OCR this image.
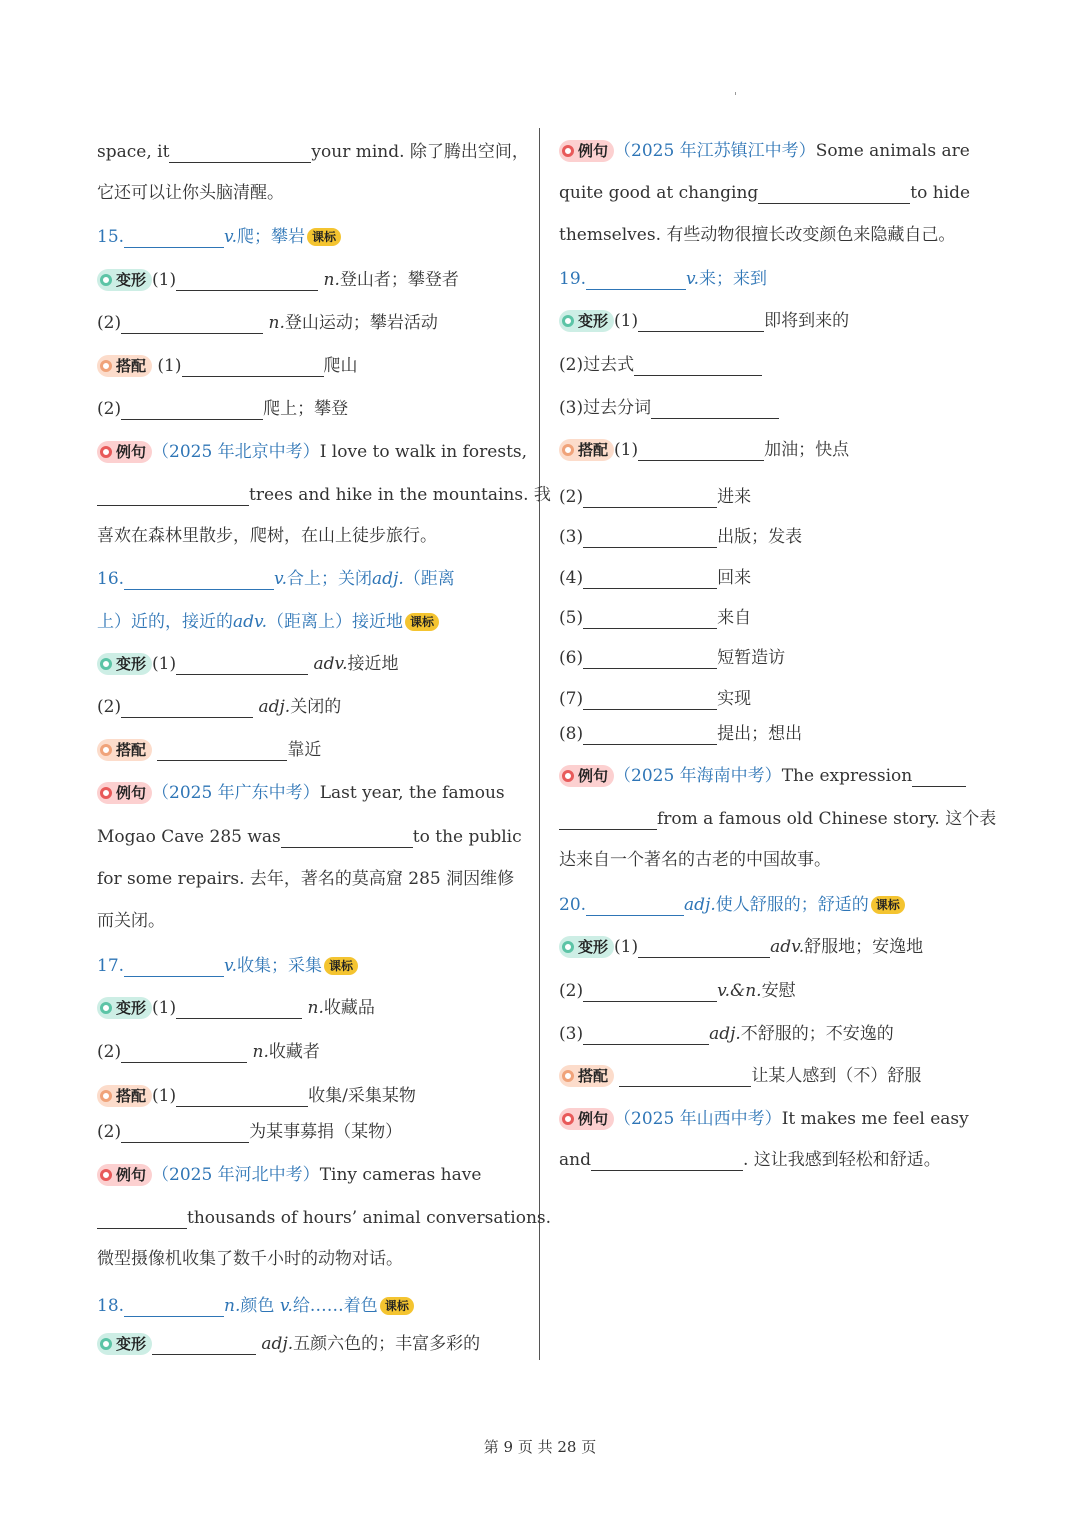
space, it	your mind. 除了腾出空间，
它还可以让你头脑清醒。
15.	v.爬；攀岩 课标
变形 (1)	n.登山者；攀登者
(2)	n.登山运动；攀岩活动
搭配 (1)	爬山
(2)	爬上；攀登
例句 （2025 年北京中考）I love to walk in forests,
trees and hike in the mountains. 我
喜欢在森林里散步，爬树，在山上徒步旅行。
16.	v.合上；关闭adj.（距离
上）近的，接近的adv.（距离上）接近地 课标
变形 (1)	adv.接近地
(2)	adj.关闭的
搭配	靠近
例句 （2025 年广东中考）Last year, the famous
Mogao Cave 285 was	to the public
for some repairs. 去年，著名的莫高窟 285 洞因维修
而关闭。
17.	v.收集；采集 课标
变形 (1)	n.收藏品
(2)	n.收藏者
搭配 (1)	收集/采集某物
(2)	为某事募捐（某物）
例句 （2025 年河北中考）Tiny cameras have
thousands of hours’ animal conversations.
微型摄像机收集了数千小时的动物对话。
18.	n.颜色 v.给……着色 课标
变形	adj.五颜六色的；丰富多彩的
例句 （2025 年江苏镇江中考）Some animals are
quite good at changing	to hide
themselves. 有些动物很擅长改变颜色来隐藏自己。
19.	v.来；来到
变形 (1)	即将到来的
(2)过去式
(3)过去分词
搭配 (1)	加油；快点
(2)	进来
(3)	出版；发表
(4)	回来
(5)	来自
(6)	短暂造访
(7)	实现
(8)	提出；想出
例句 （2025 年海南中考）The expression
from a famous old Chinese story. 这个表
达来自一个著名的古老的中国故事。
20.	adj.使人舒服的；舒适的 课标
变形 (1)	adv.舒服地；安逸地
(2)	v.&n.安慰
(3)	adj.不舒服的；不安逸的
搭配	让某人感到（不）舒服
例句 （2025 年山西中考）It makes me feel easy
and	. 这让我感到轻松和舒适。
第 9 页 共 28 页
